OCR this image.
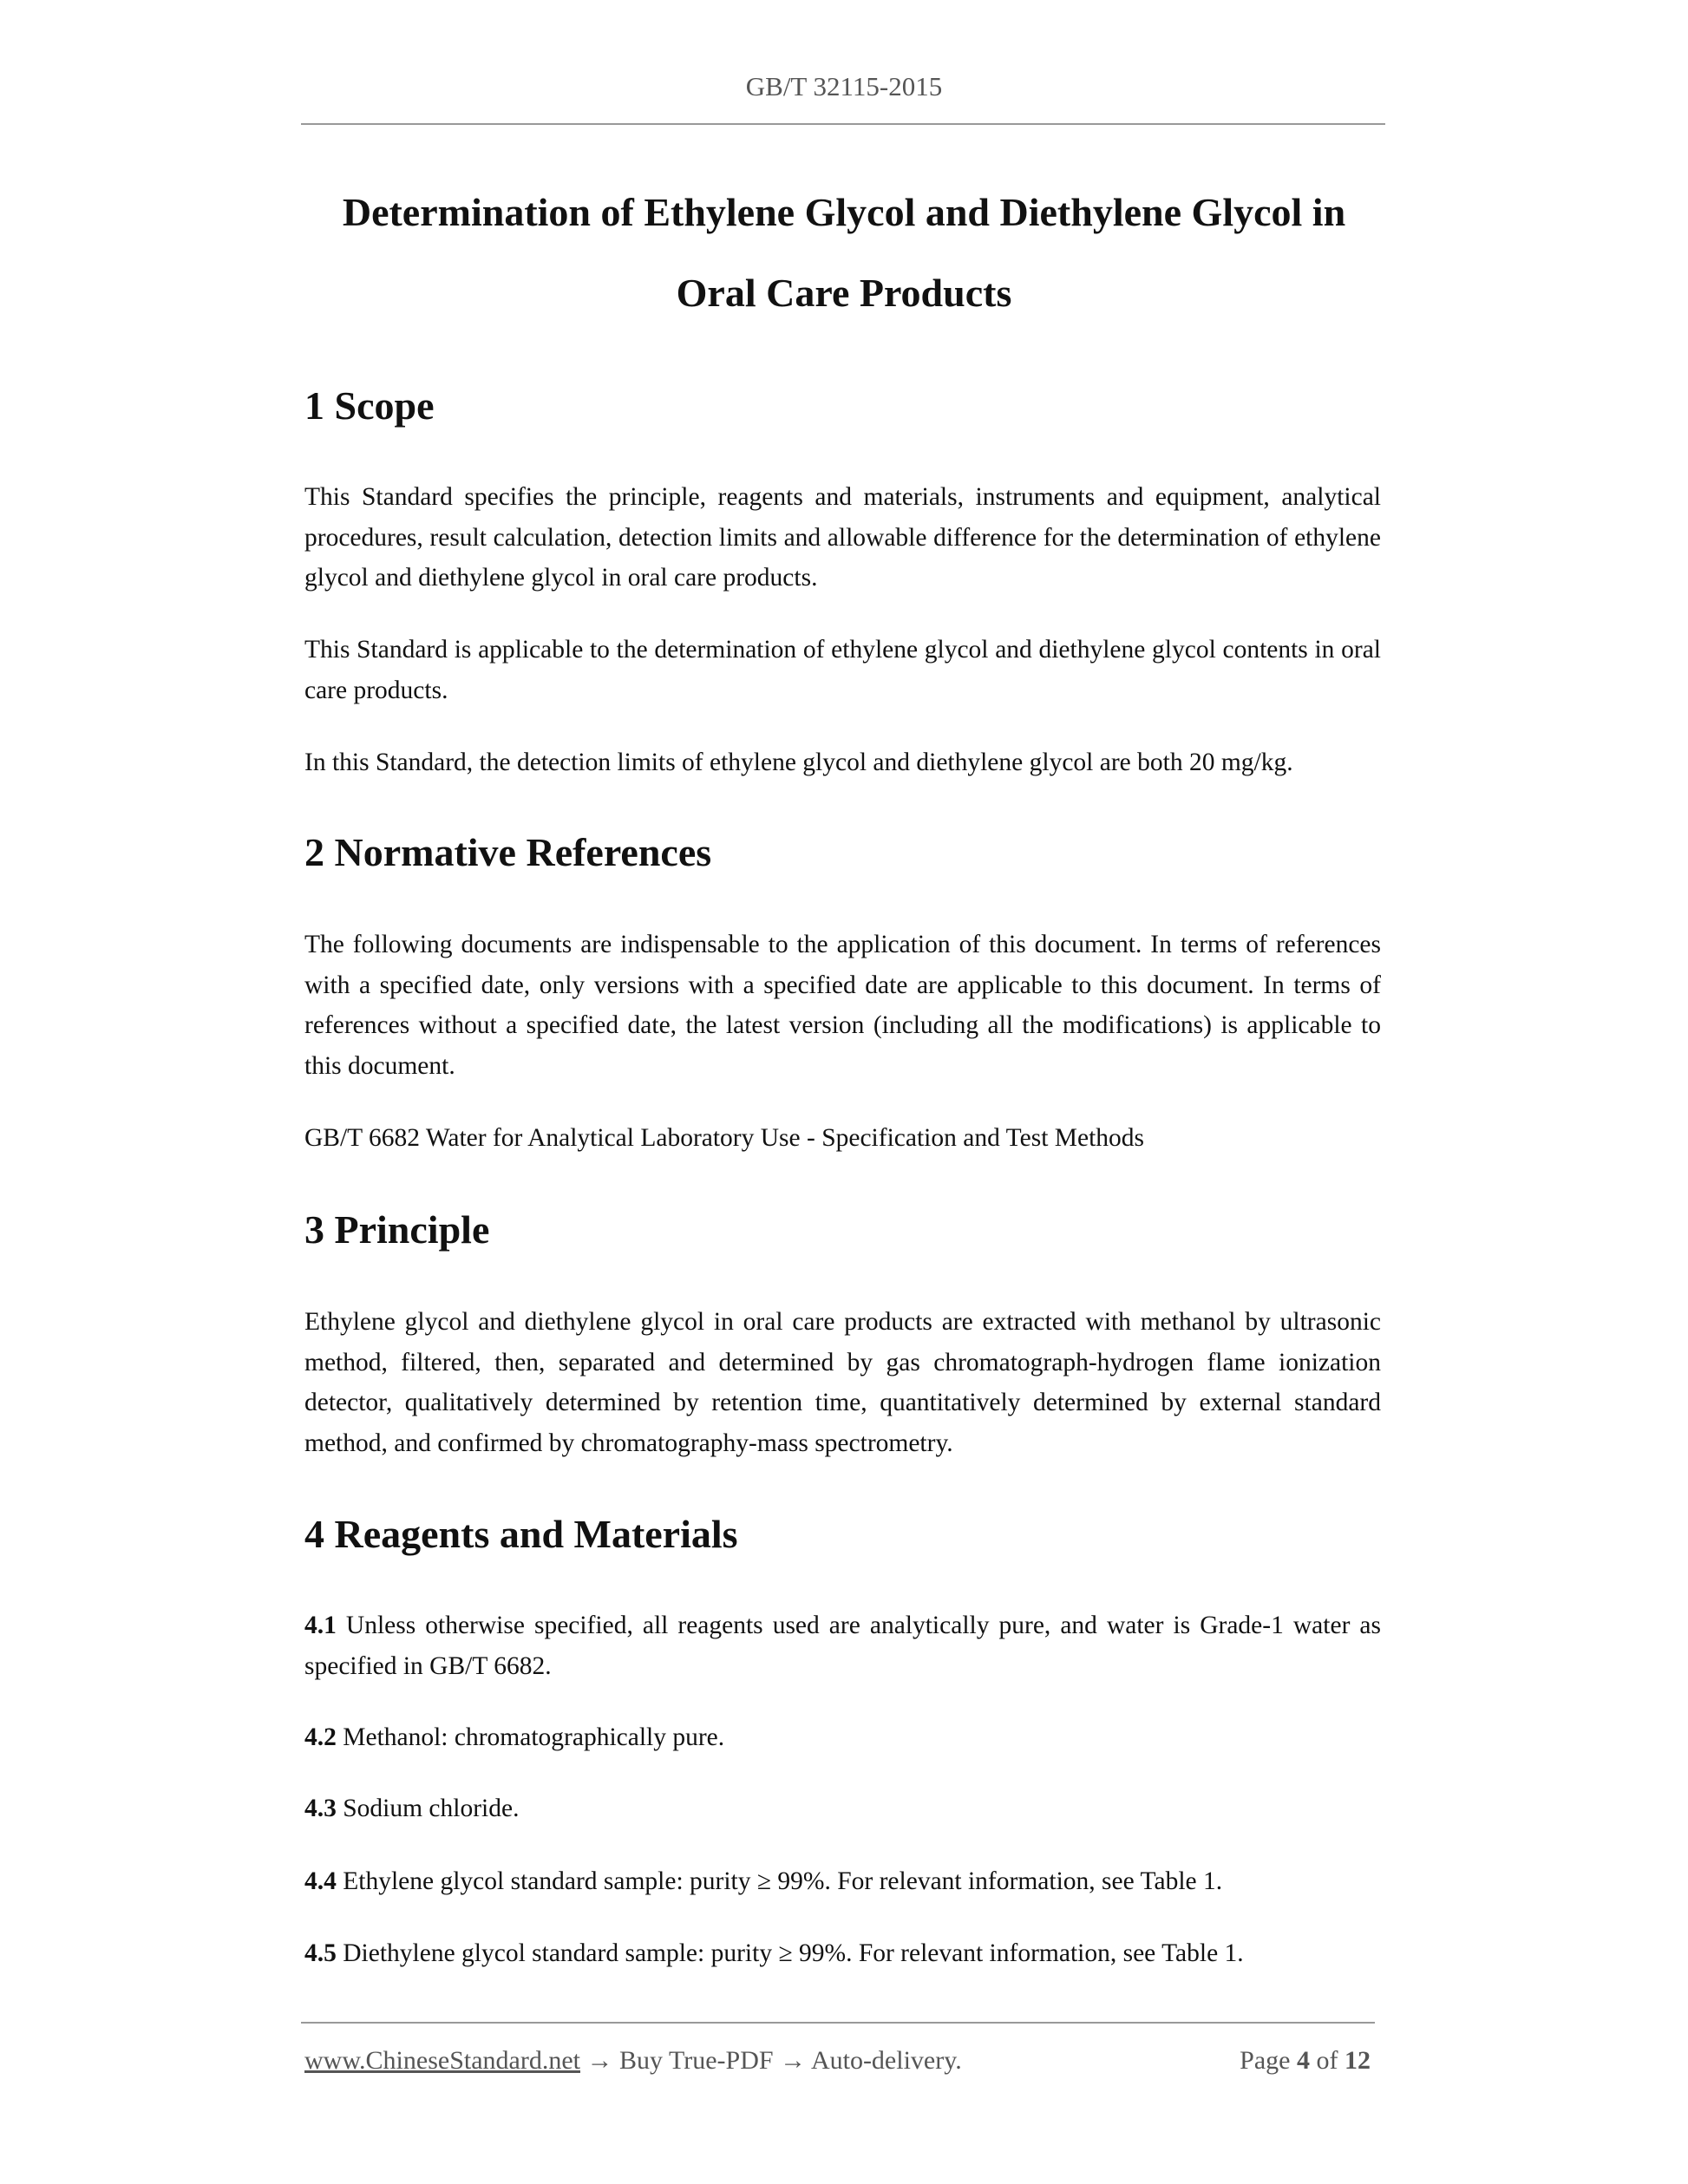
GB/T 32115-2015
Determination of Ethylene Glycol and Diethylene Glycol in
Oral Care Products
1 Scope
This Standard specifies the principle, reagents and materials, instruments and equipment, analytical procedures, result calculation, detection limits and allowable difference for the determination of ethylene glycol and diethylene glycol in oral care products.
This Standard is applicable to the determination of ethylene glycol and diethylene glycol contents in oral care products.
In this Standard, the detection limits of ethylene glycol and diethylene glycol are both 20 mg/kg.
2 Normative References
The following documents are indispensable to the application of this document. In terms of references with a specified date, only versions with a specified date are applicable to this document. In terms of references without a specified date, the latest version (including all the modifications) is applicable to this document.
GB/T 6682 Water for Analytical Laboratory Use - Specification and Test Methods
3 Principle
Ethylene glycol and diethylene glycol in oral care products are extracted with methanol by ultrasonic method, filtered, then, separated and determined by gas chromatograph-hydrogen flame ionization detector, qualitatively determined by retention time, quantitatively determined by external standard method, and confirmed by chromatography-mass spectrometry.
4 Reagents and Materials
4.1 Unless otherwise specified, all reagents used are analytically pure, and water is Grade-1 water as specified in GB/T 6682.
4.2 Methanol: chromatographically pure.
4.3 Sodium chloride.
4.4 Ethylene glycol standard sample: purity ≥ 99%. For relevant information, see Table 1.
4.5 Diethylene glycol standard sample: purity ≥ 99%. For relevant information, see Table 1.
www.ChineseStandard.net → Buy True-PDF → Auto-delivery.	Page 4 of 12
